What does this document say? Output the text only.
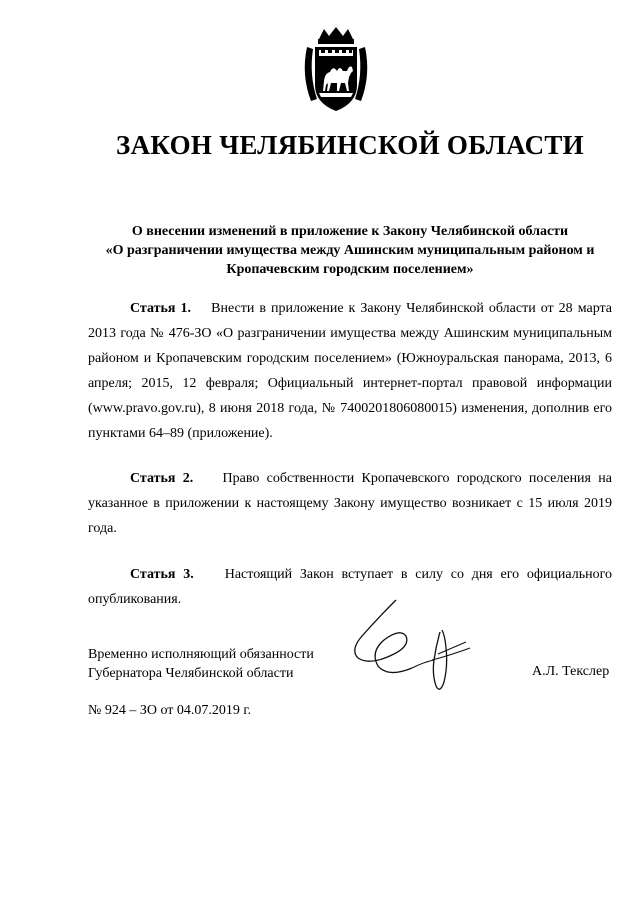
ЗАКОН ЧЕЛЯБИНСКОЙ ОБЛАСТИ
О внесении изменений в приложение к Закону Челябинской области
«О разграничении имущества между Ашинским муниципальным районом и
Кропачевским городским поселением»

Статья 1. Внести в приложение к Закону Челябинской области от 28 марта 2013 года № 476-ЗО «О разграничении имущества между Ашинским муниципальным районом и Кропачевским городским поселением» (Южноуральская панорама, 2013, 6 апреля; 2015, 12 февраля; Официальный интернет-портал правовой информации (www.pravo.gov.ru), 8 июня 2018 года, № 7400201806080015) изменения, дополнив его пунктами 64–89 (приложение).

Статья 2. Право собственности Кропачевского городского поселения на указанное в приложении к настоящему Закону имущество возникает с 15 июля 2019 года.

Статья 3. Настоящий Закон вступает в силу со дня его официального опубликования.

Временно исполняющий обязанности
Губернатора Челябинской области	А.Л. Текслер
№ 924 – ЗО от 04.07.2019 г.
